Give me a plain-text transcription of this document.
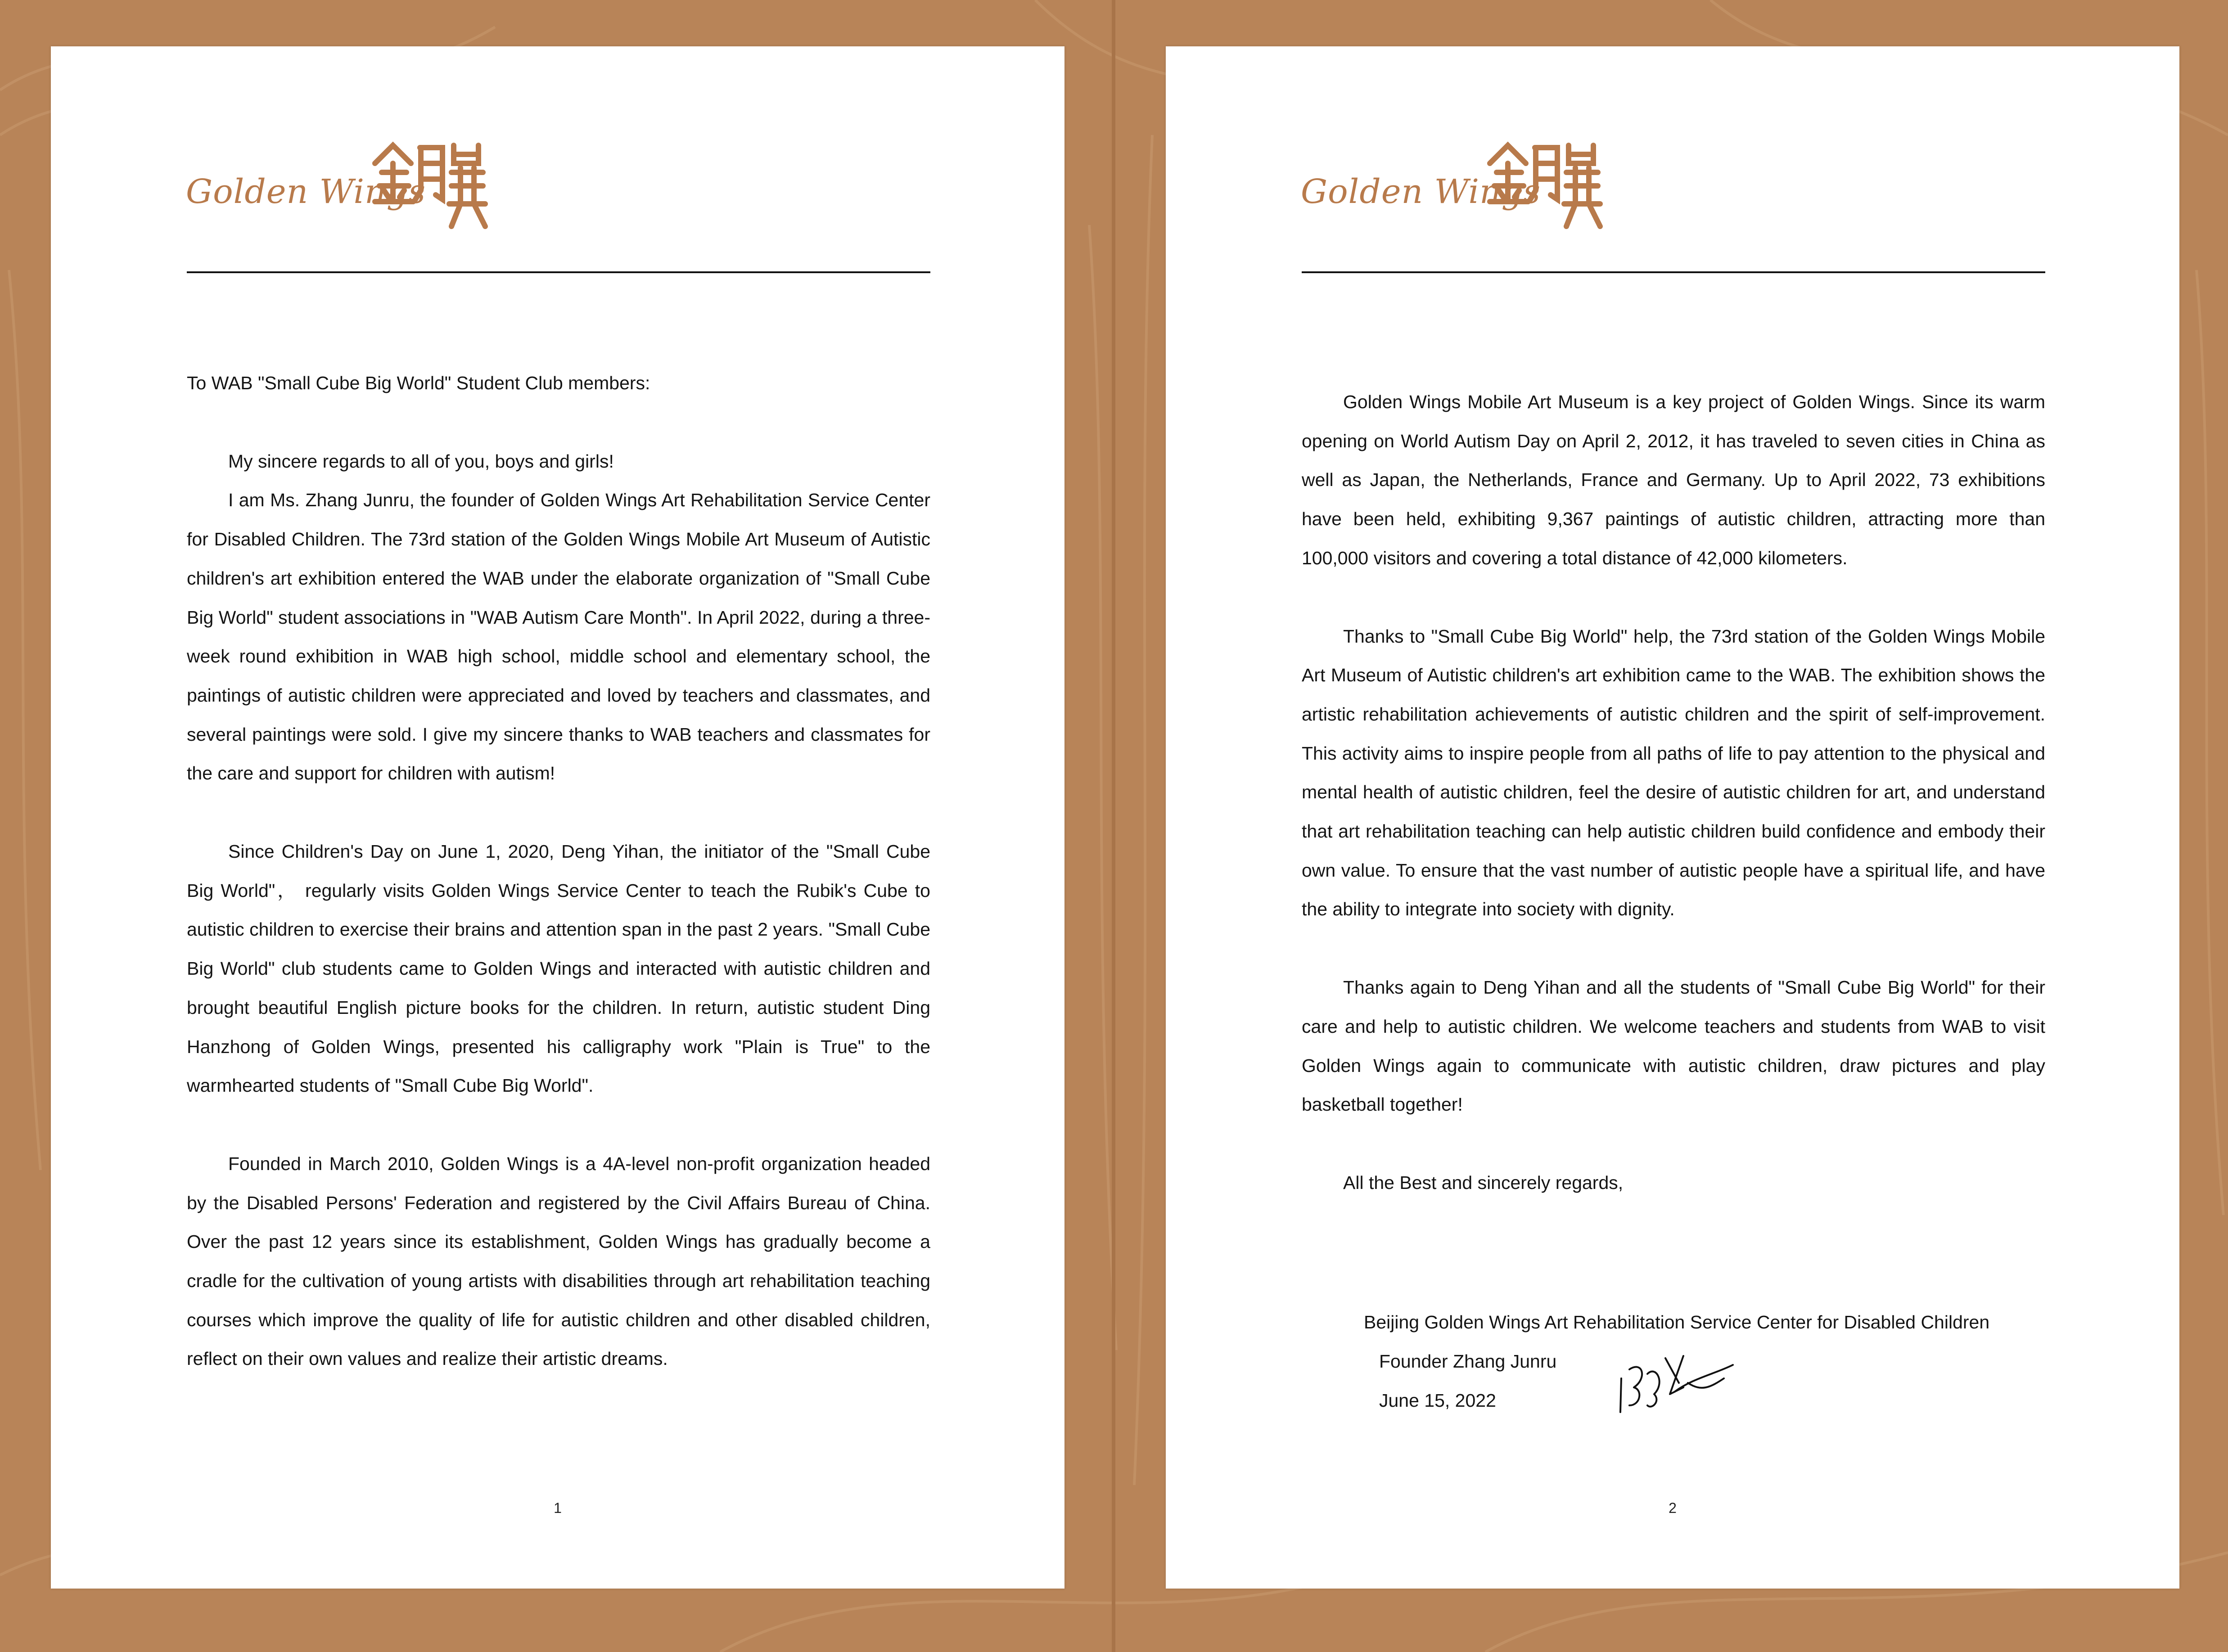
Golden Wings

To WAB "Small Cube Big World" Student Club members:

My sincere regards to all of you, boys and girls!

I am Ms. Zhang Junru, the founder of Golden Wings Art Rehabilitation Service Center for Disabled Children. The 73rd station of the Golden Wings Mobile Art Museum of Autistic children's art exhibition entered the WAB under the elaborate organization of "Small Cube Big World" student associations in "WAB Autism Care Month". In April 2022, during a three-week round exhibition in WAB high school, middle school and elementary school, the paintings of autistic children were appreciated and loved by teachers and classmates, and several paintings were sold. I give my sincere thanks to WAB teachers and classmates for the care and support for children with autism!

Since Children's Day on June 1, 2020, Deng Yihan, the initiator of the "Small Cube Big World"， regularly visits Golden Wings Service Center to teach the Rubik's Cube to autistic children to exercise their brains and attention span in the past 2 years. "Small Cube Big World" club students came to Golden Wings and interacted with autistic children and brought beautiful English picture books for the children. In return, autistic student Ding Hanzhong of Golden Wings, presented his calligraphy work "Plain is True" to the warmhearted students of "Small Cube Big World".

Founded in March 2010, Golden Wings is a 4A-level non-profit organization headed by the Disabled Persons' Federation and registered by the Civil Affairs Bureau of China. Over the past 12 years since its establishment, Golden Wings has gradually become a cradle for the cultivation of young artists with disabilities through art rehabilitation teaching courses which improve the quality of life for autistic children and other disabled children, reflect on their own values and realize their artistic dreams.

1
Golden Wings

Golden Wings Mobile Art Museum is a key project of Golden Wings. Since its warm opening on World Autism Day on April 2, 2012, it has traveled to seven cities in China as well as Japan, the Netherlands, France and Germany. Up to April 2022, 73 exhibitions have been held, exhibiting 9,367 paintings of autistic children, attracting more than 100,000 visitors and covering a total distance of 42,000 kilometers.

Thanks to "Small Cube Big World" help, the 73rd station of the Golden Wings Mobile Art Museum of Autistic children's art exhibition came to the WAB. The exhibition shows the artistic rehabilitation achievements of autistic children and the spirit of self-improvement. This activity aims to inspire people from all paths of life to pay attention to the physical and mental health of autistic children, feel the desire of autistic children for art, and understand that art rehabilitation teaching can help autistic children build confidence and embody their own value. To ensure that the vast number of autistic people have a spiritual life, and have the ability to integrate into society with dignity.

Thanks again to Deng Yihan and all the students of "Small Cube Big World" for their care and help to autistic children. We welcome teachers and students from WAB to visit Golden Wings again to communicate with autistic children, draw pictures and play basketball together!

All the Best and sincerely regards,

Beijing Golden Wings Art Rehabilitation Service Center for Disabled Children
Founder Zhang Junru
June 15, 2022
2
